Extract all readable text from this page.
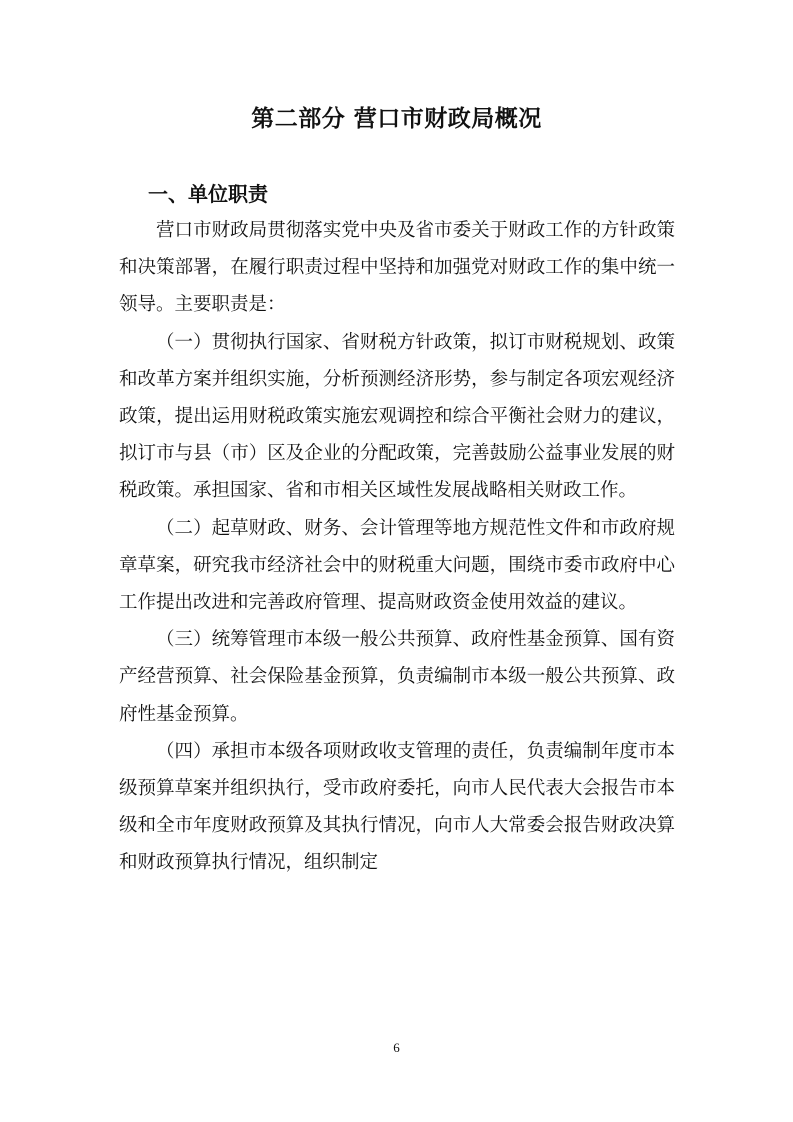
第二部分 营口市财政局概况
一、单位职责

营口市财政局贯彻落实党中央及省市委关于财政工作的方针政策和决策部署，在履行职责过程中坚持和加强党对财政工作的集中统一领导。主要职责是：

（一）贯彻执行国家、省财税方针政策，拟订市财税规划、政策和改革方案并组织实施，分析预测经济形势，参与制定各项宏观经济政策，提出运用财税政策实施宏观调控和综合平衡社会财力的建议，拟订市与县（市）区及企业的分配政策，完善鼓励公益事业发展的财税政策。承担国家、省和市相关区域性发展战略相关财政工作。

（二）起草财政、财务、会计管理等地方规范性文件和市政府规章草案，研究我市经济社会中的财税重大问题，围绕市委市政府中心工作提出改进和完善政府管理、提高财政资金使用效益的建议。

（三）统筹管理市本级一般公共预算、政府性基金预算、国有资产经营预算、社会保险基金预算，负责编制市本级一般公共预算、政府性基金预算。

（四）承担市本级各项财政收支管理的责任，负责编制年度市本级预算草案并组织执行，受市政府委托，向市人民代表大会报告市本级和全市年度财政预算及其执行情况，向市人大常委会报告财政决算和财政预算执行情况，组织制定

6
